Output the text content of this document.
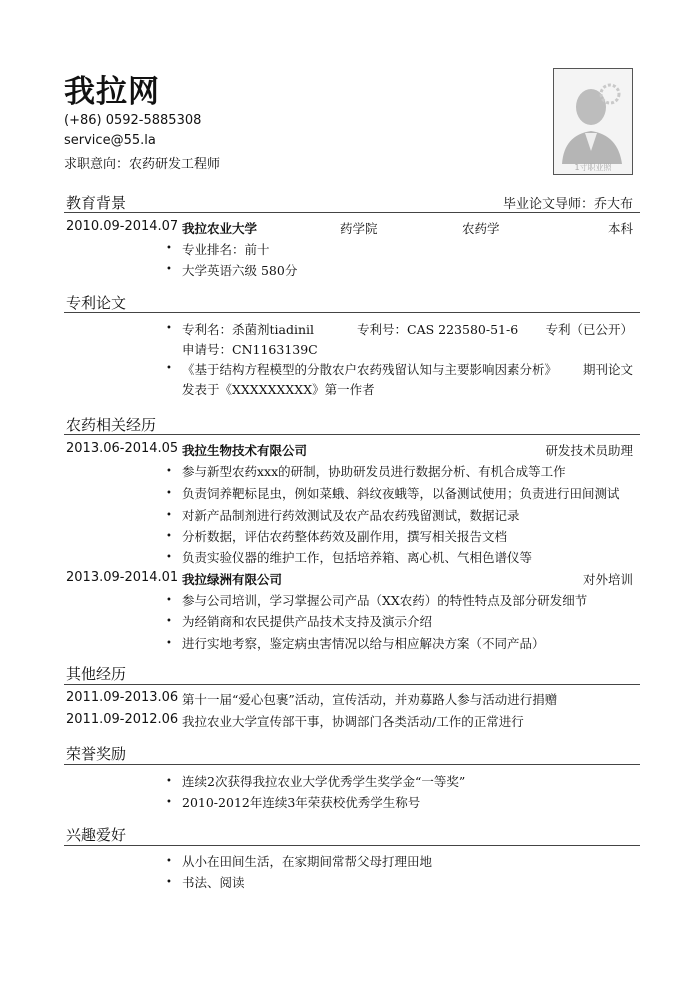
我拉网
(+86) 0592-5885308
service@55.la
求职意向：农药研发工程师	1寸职业照
教育背景	毕业论文导师：乔大布
2010.09-2014.07 我拉农业大学	药学院	农药学	本科
• 专业排名：前十
• 大学英语六级 580分
专利论文
• 专利名：杀菌剂tiadinil	专利号：CAS 223580-51-6 专利（已公开）
申请号：CN1163139C
• 《基于结构方程模型的分散农户农药残留认知与主要影响因素分析》 期刊论文
发表于《XXXXXXXXX》第一作者
农药相关经历
2013.06-2014.05 我拉生物技术有限公司	研发技术员助理
• 参与新型农药xxx的研制，协助研发员进行数据分析、有机合成等工作
• 负责饲养靶标昆虫，例如菜蛾、斜纹夜蛾等，以备测试使用；负责进行田间测试
• 对新产品制剂进行药效测试及农产品农药残留测试，数据记录
• 分析数据，评估农药整体药效及副作用，撰写相关报告文档
• 负责实验仪器的维护工作，包括培养箱、离心机、气相色谱仪等
2013.09-2014.01 我拉绿洲有限公司	对外培训
• 参与公司培训，学习掌握公司产品（XX农药）的特性特点及部分研发细节
• 为经销商和农民提供产品技术支持及演示介绍
• 进行实地考察，鉴定病虫害情况以给与相应解决方案（不同产品）
其他经历
2011.09-2013.06 第十一届“爱心包裹”活动，宣传活动，并劝募路人参与活动进行捐赠
2011.09-2012.06 我拉农业大学宣传部干事，协调部门各类活动/工作的正常进行
荣誉奖励
• 连续2次获得我拉农业大学优秀学生奖学金“一等奖”
• 2010-2012年连续3年荣获校优秀学生称号
兴趣爱好
• 从小在田间生活，在家期间常帮父母打理田地
• 书法、阅读
